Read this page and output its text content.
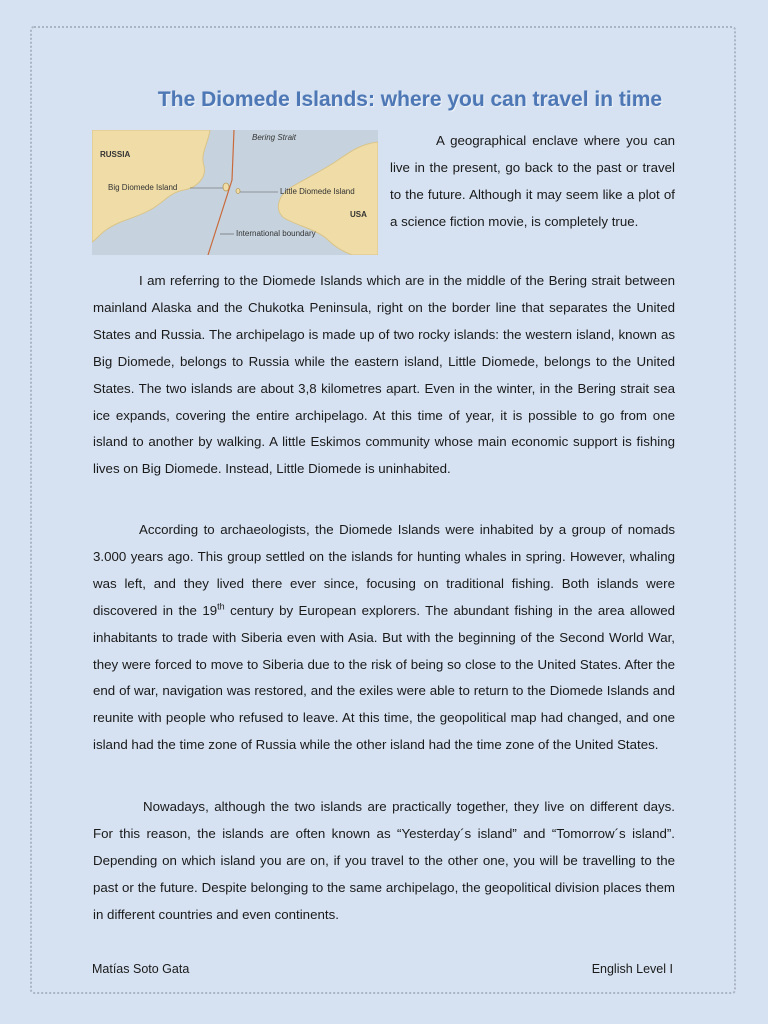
The Diomede Islands: where you can travel in time
RUSSIA
Bering Strait
Big Diomede Island	Little Diomede Island
USA
International boundary
A geographical enclave where you can live in the present, go back to the past or travel to the future. Although it may seem like a plot of a science fiction movie, is completely true.

I am referring to the Diomede Islands which are in the middle of the Bering strait between mainland Alaska and the Chukotka Peninsula, right on the border line that separates the United States and Russia. The archipelago is made up of two rocky islands: the western island, known as Big Diomede, belongs to Russia while the eastern island, Little Diomede, belongs to the United States. The two islands are about 3,8 kilometres apart. Even in the winter, in the Bering strait sea ice expands, covering the entire archipelago. At this time of year, it is possible to go from one island to another by walking. A little Eskimos community whose main economic support is fishing lives on Big Diomede. Instead, Little Diomede is uninhabited.

According to archaeologists, the Diomede Islands were inhabited by a group of nomads 3.000 years ago. This group settled on the islands for hunting whales in spring. However, whaling was left, and they lived there ever since, focusing on traditional fishing. Both islands were discovered in the 19th century by European explorers. The abundant fishing in the area allowed inhabitants to trade with Siberia even with Asia. But with the beginning of the Second World War, they were forced to move to Siberia due to the risk of being so close to the United States. After the end of war, navigation was restored, and the exiles were able to return to the Diomede Islands and reunite with people who refused to leave. At this time, the geopolitical map had changed, and one island had the time zone of Russia while the other island had the time zone of the United States.

Nowadays, although the two islands are practically together, they live on different days. For this reason, the islands are often known as “Yesterday´s island” and “Tomorrow´s island”. Depending on which island you are on, if you travel to the other one, you will be travelling to the past or the future. Despite belonging to the same archipelago, the geopolitical division places them in different countries and even continents.

Matías Soto Gata	English Level I
